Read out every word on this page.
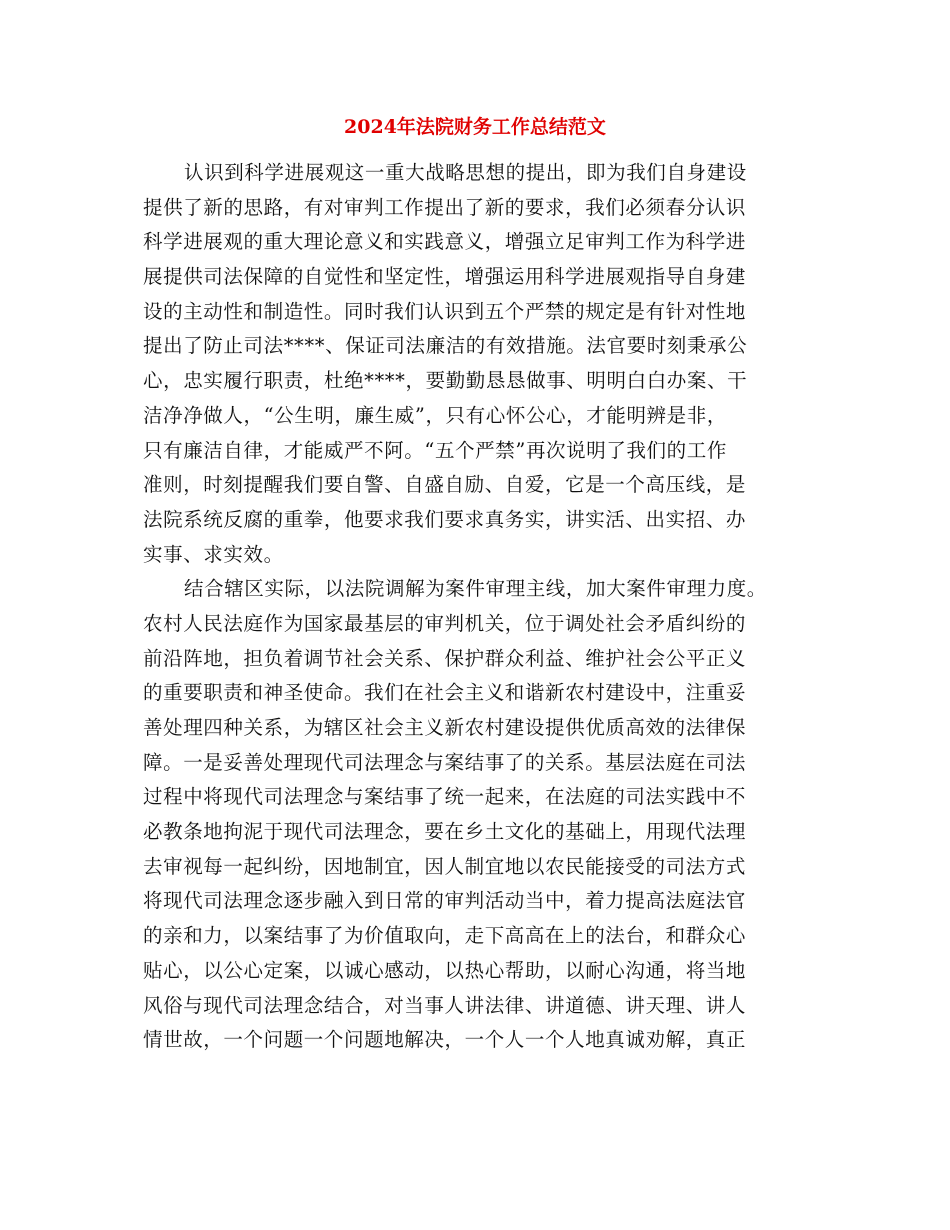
2024年法院财务工作总结范文
认识到科学进展观这一重大战略思想的提出，即为我们自身建设
提供了新的思路，有对审判工作提出了新的要求，我们必须春分认识
科学进展观的重大理论意义和实践意义，增强立足审判工作为科学进
展提供司法保障的自觉性和坚定性，增强运用科学进展观指导自身建
设的主动性和制造性。同时我们认识到五个严禁的规定是有针对性地
提出了防止司法****、保证司法廉洁的有效措施。法官要时刻秉承公
心，忠实履行职责，杜绝****，要勤勤恳恳做事、明明白白办案、干
洁净净做人，“公生明，廉生威”，只有心怀公心，才能明辨是非，
只有廉洁自律，才能威严不阿。“五个严禁”再次说明了我们的工作
准则，时刻提醒我们要自警、自盛自励、自爱，它是一个高压线，是
法院系统反腐的重拳，他要求我们要求真务实，讲实活、出实招、办
实事、求实效。
结合辖区实际，以法院调解为案件审理主线，加大案件审理力度。
农村人民法庭作为国家最基层的审判机关，位于调处社会矛盾纠纷的
前沿阵地，担负着调节社会关系、保护群众利益、维护社会公平正义
的重要职责和神圣使命。我们在社会主义和谐新农村建设中，注重妥
善处理四种关系，为辖区社会主义新农村建设提供优质高效的法律保
障。一是妥善处理现代司法理念与案结事了的关系。基层法庭在司法
过程中将现代司法理念与案结事了统一起来，在法庭的司法实践中不
必教条地拘泥于现代司法理念，要在乡土文化的基础上，用现代法理
去审视每一起纠纷，因地制宜，因人制宜地以农民能接受的司法方式
将现代司法理念逐步融入到日常的审判活动当中，着力提高法庭法官
的亲和力，以案结事了为价值取向，走下高高在上的法台，和群众心
贴心，以公心定案，以诚心感动，以热心帮助，以耐心沟通，将当地
风俗与现代司法理念结合，对当事人讲法律、讲道德、讲天理、讲人
情世故，一个问题一个问题地解决，一个人一个人地真诚劝解，真正
